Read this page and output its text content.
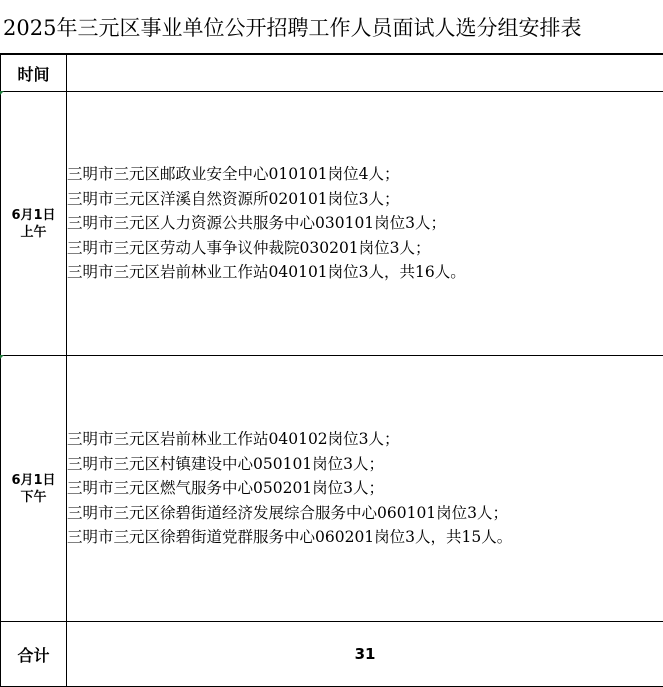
2025年三元区事业单位公开招聘工作人员面试人选分组安排表
时间	

6月1日
上午	三明市三元区邮政业安全中心010101岗位4人；
三明市三元区洋溪自然资源所020101岗位3人；
三明市三元区人力资源公共服务中心030101岗位3人；
三明市三元区劳动人事争议仲裁院030201岗位3人；
三明市三元区岩前林业工作站040101岗位3人，共16人。

6月1日
下午	三明市三元区岩前林业工作站040102岗位3人；
三明市三元区村镇建设中心050101岗位3人；
三明市三元区燃气服务中心050201岗位3人；
三明市三元区徐碧街道经济发展综合服务中心060101岗位3人；
三明市三元区徐碧街道党群服务中心060201岗位3人，共15人。

合计	31
